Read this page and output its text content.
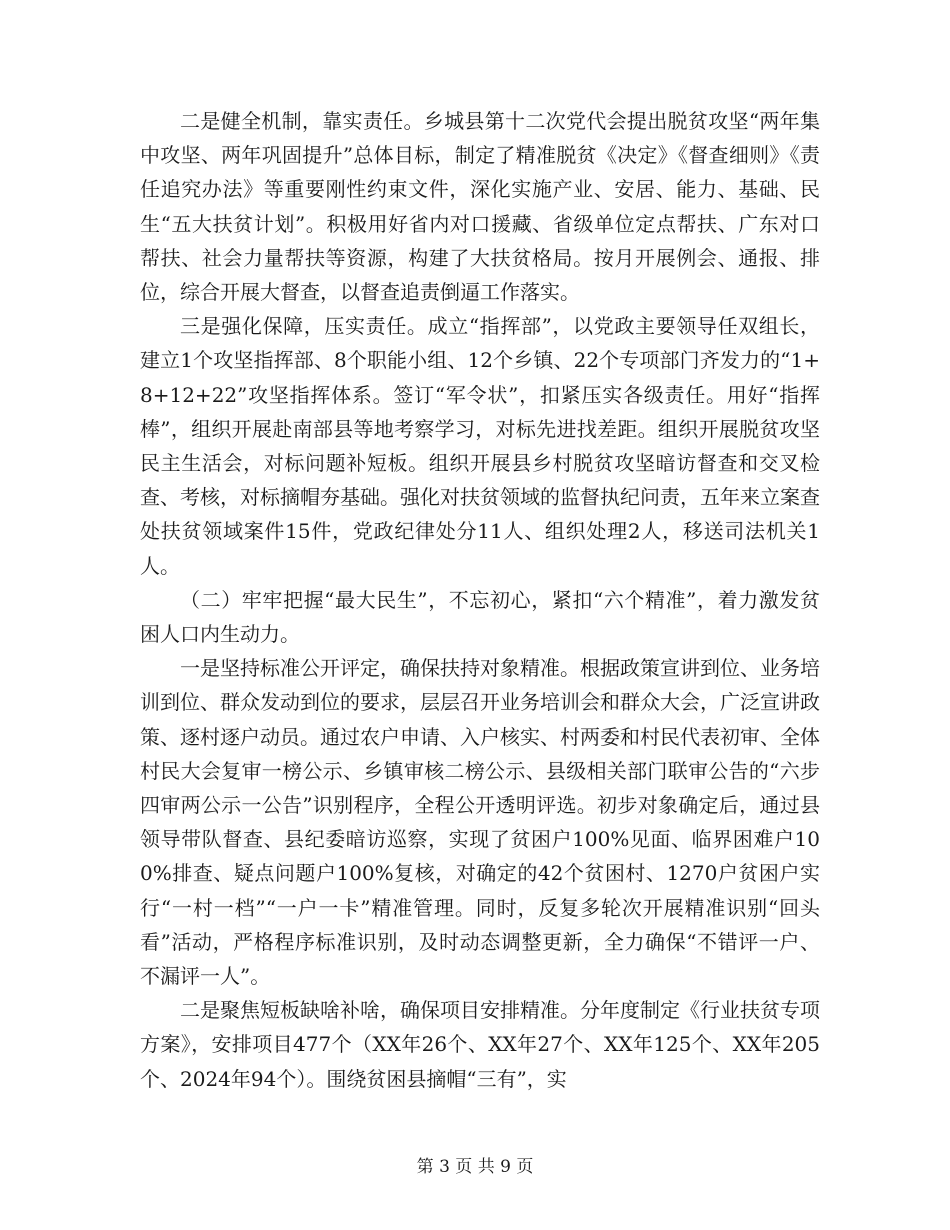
二是健全机制，靠实责任。乡城县第十二次党代会提出脱贫攻坚“两年集中攻坚、两年巩固提升”总体目标，制定了精准脱贫《决定》《督查细则》《责任追究办法》等重要刚性约束文件，深化实施产业、安居、能力、基础、民生“五大扶贫计划”。积极用好省内对口援藏、省级单位定点帮扶、广东对口帮扶、社会力量帮扶等资源，构建了大扶贫格局。按月开展例会、通报、排位，综合开展大督查，以督查追责倒逼工作落实。

三是强化保障，压实责任。成立“指挥部”，以党政主要领导任双组长，建立1个攻坚指挥部、8个职能小组、12个乡镇、22个专项部门齐发力的“1+8+12+22”攻坚指挥体系。签订“军令状”，扣紧压实各级责任。用好“指挥棒”，组织开展赴南部县等地考察学习，对标先进找差距。组织开展脱贫攻坚民主生活会，对标问题补短板。组织开展县乡村脱贫攻坚暗访督查和交叉检查、考核，对标摘帽夯基础。强化对扶贫领域的监督执纪问责，五年来立案查处扶贫领域案件15件，党政纪律处分11人、组织处理2人，移送司法机关1人。

（二）牢牢把握“最大民生”，不忘初心，紧扣“六个精准”，着力激发贫困人口内生动力。

一是坚持标准公开评定，确保扶持对象精准。根据政策宣讲到位、业务培训到位、群众发动到位的要求，层层召开业务培训会和群众大会，广泛宣讲政策、逐村逐户动员。通过农户申请、入户核实、村两委和村民代表初审、全体村民大会复审一榜公示、乡镇审核二榜公示、县级相关部门联审公告的“六步四审两公示一公告”识别程序，全程公开透明评选。初步对象确定后，通过县领导带队督查、县纪委暗访巡察，实现了贫困户100%见面、临界困难户100%排查、疑点问题户100%复核，对确定的42个贫困村、1270户贫困户实行“一村一档”“一户一卡”精准管理。同时，反复多轮次开展精准识别“回头看”活动，严格程序标准识别，及时动态调整更新，全力确保“不错评一户、不漏评一人”。

二是聚焦短板缺啥补啥，确保项目安排精准。分年度制定《行业扶贫专项方案》，安排项目477个（XX年26个、XX年27个、XX年125个、XX年205个、2024年94个）。围绕贫困县摘帽“三有”，实

第 3 页 共 9 页
